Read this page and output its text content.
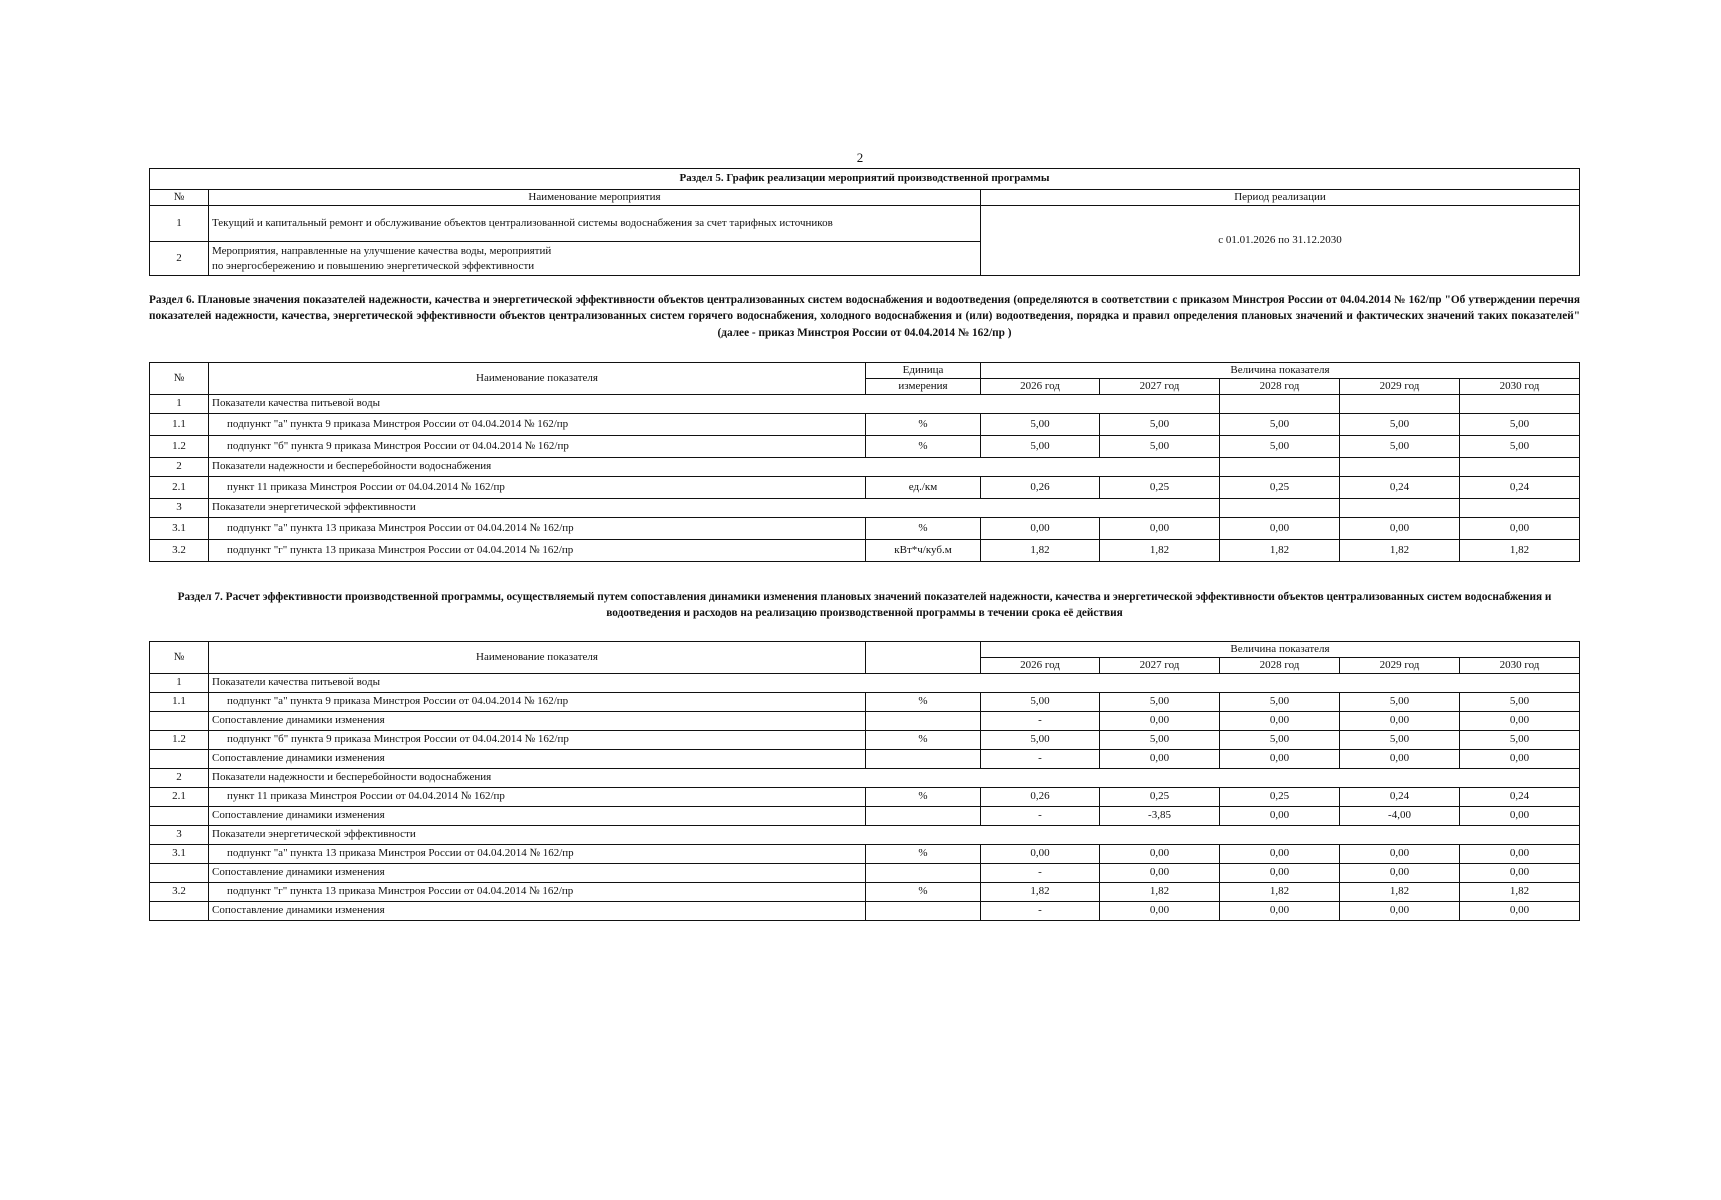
2
Раздел 5. График реализации мероприятий производственной программы		
№	Наименование мероприятия	Период реализации
1	Текущий и капитальный ремонт и обслуживание объектов централизованной системы водоснабжения за счет тарифных источников	с 01.01.2026 по 31.12.2030
2	Мероприятия, направленные на улучшение качества воды, мероприятий
по энергосбережению и повышению энергетической эффективности	
Раздел 6. Плановые значения показателей надежности, качества и энергетической эффективности объектов централизованных систем водоснабжения и водоотведения (определяются в соответствии с приказом Минстроя России от 04.04.2014 № 162/пр "Об утверждении перечня показателей надежности, качества, энергетической эффективности объектов централизованных систем горячего водоснабжения, холодного водоснабжения и (или) водоотведения, порядка и правил определения плановых значений и фактических значений таких показателей" (далее - приказ Минстроя России от 04.04.2014 № 162/пр )
№	Наименование показателя	Единица	Величина показателя				
		измерения	2026 год	2027 год	2028 год	2029 год	2030 год
1	Показатели качества питьевой воды						
1.1	подпункт "а" пункта 9 приказа Минстроя России от 04.04.2014 № 162/пр	%	5,00	5,00	5,00	5,00	5,00
1.2	подпункт "б" пункта 9 приказа Минстроя России от 04.04.2014 № 162/пр	%	5,00	5,00	5,00	5,00	5,00
2	Показатели надежности и бесперебойности водоснабжения						
2.1	пункт 11 приказа Минстроя России от 04.04.2014 № 162/пр	ед./км	0,26	0,25	0,25	0,24	0,24
3	Показатели энергетической эффективности						
3.1	подпункт "а" пункта 13 приказа Минстроя России от 04.04.2014 № 162/пр	%	0,00	0,00	0,00	0,00	0,00
3.2	подпункт "г" пункта 13 приказа Минстроя России от 04.04.2014 № 162/пр	кВт*ч/куб.м	1,82	1,82	1,82	1,82	1,82
Раздел 7. Расчет эффективности производственной программы, осуществляемый путем сопоставления динамики изменения плановых значений показателей надежности, качества и энергетической эффективности объектов централизованных систем водоснабжения и водоотведения и расходов на реализацию производственной программы в течении срока её действия
№	Наименование показателя		Величина показателя				
			2026 год	2027 год	2028 год	2029 год	2030 год
1	Показатели качества питьевой воды						
1.1	подпункт "а" пункта 9 приказа Минстроя России от 04.04.2014 № 162/пр	%	5,00	5,00	5,00	5,00	5,00
	Сопоставление динамики изменения		-	0,00	0,00	0,00	0,00
1.2	подпункт "б" пункта 9 приказа Минстроя России от 04.04.2014 № 162/пр	%	5,00	5,00	5,00	5,00	5,00
	Сопоставление динамики изменения		-	0,00	0,00	0,00	0,00
2	Показатели надежности и бесперебойности водоснабжения						
2.1	пункт 11 приказа Минстроя России от 04.04.2014 № 162/пр	%	0,26	0,25	0,25	0,24	0,24
	Сопоставление динамики изменения		-	-3,85	0,00	-4,00	0,00
3	Показатели энергетической эффективности						
3.1	подпункт "а" пункта 13 приказа Минстроя России от 04.04.2014 № 162/пр	%	0,00	0,00	0,00	0,00	0,00
	Сопоставление динамики изменения		-	0,00	0,00	0,00	0,00
3.2	подпункт "г" пункта 13 приказа Минстроя России от 04.04.2014 № 162/пр	%	1,82	1,82	1,82	1,82	1,82
	Сопоставление динамики изменения		-	0,00	0,00	0,00	0,00
